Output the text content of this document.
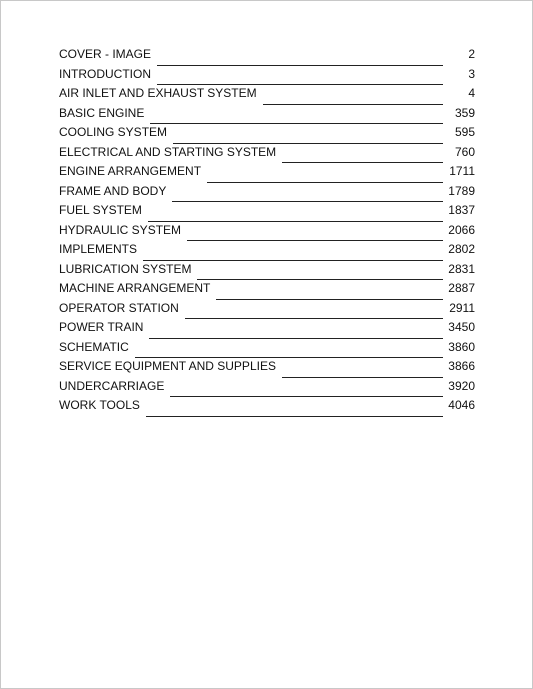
COVER - IMAGE	2
INTRODUCTION	3
AIR INLET AND EXHAUST SYSTEM	4
BASIC ENGINE	359
COOLING SYSTEM	595
ELECTRICAL AND STARTING SYSTEM	760
ENGINE ARRANGEMENT	1711
FRAME AND BODY	1789
FUEL SYSTEM	1837
HYDRAULIC SYSTEM	2066
IMPLEMENTS	2802
LUBRICATION SYSTEM	2831
MACHINE ARRANGEMENT	2887
OPERATOR STATION	2911
POWER TRAIN	3450
SCHEMATIC	3860
SERVICE EQUIPMENT AND SUPPLIES	3866
UNDERCARRIAGE	3920
WORK TOOLS	4046
